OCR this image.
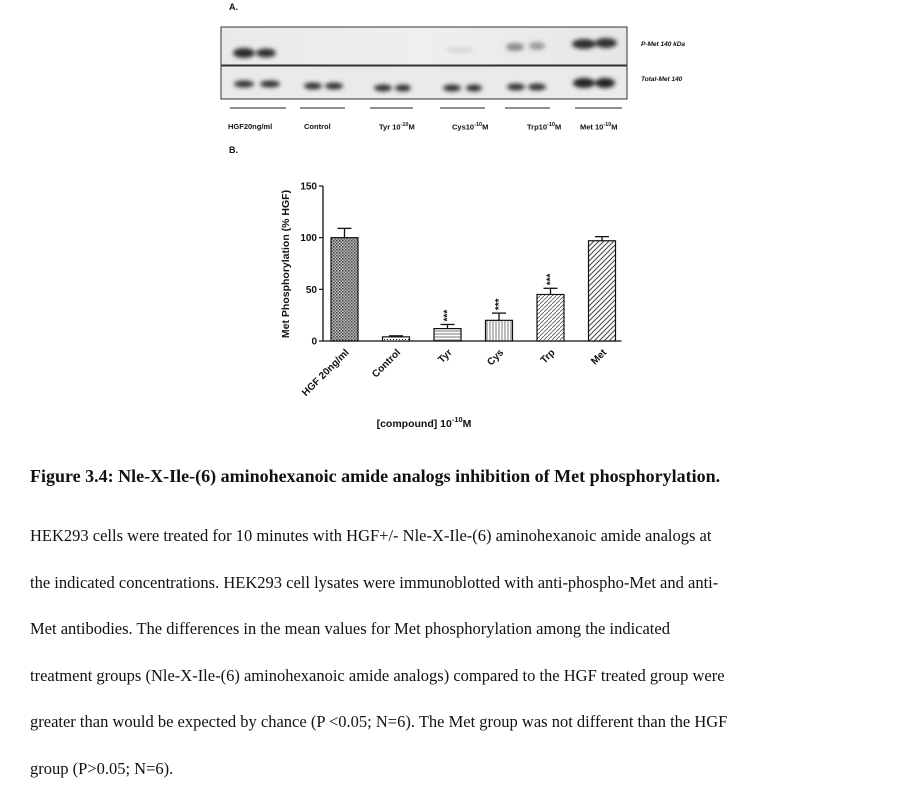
A.
B.
P-Met 140 kDa
Total-Met 140
HGF20ng/ml	Control	Tyr $10^{-10}M$	$Cys10^{-10}M$	$Trp10^{-10}M$	Met $10^{-10}M$
0
50
100
150
Met Phosphorylation (% HGF)
HGF 20ng/ml Control
***
Tyr
***
Cys
***
Trp	Met
[compound] $10^{-10}M$
Figure 3.4: Nle-X-Ile-(6) aminohexanoic amide analogs inhibition of Met phosphorylation.
HEK293 cells were treated for 10 minutes with HGF+/- Nle-X-Ile-(6) aminohexanoic amide analogs at
the indicated concentrations. HEK293 cell lysates were immunoblotted with anti-phospho-Met and anti-
Met antibodies. The differences in the mean values for Met phosphorylation among the indicated
treatment groups (Nle-X-Ile-(6) aminohexanoic amide analogs) compared to the HGF treated group were
greater than would be expected by chance (P <0.05; N=6). The Met group was not different than the HGF
group (P>0.05; N=6).
